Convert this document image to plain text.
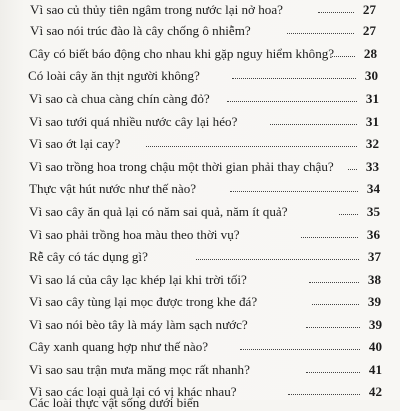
Vì sao củ thủy tiên ngâm trong nước lại nở hoa?	27
Vì sao nói trúc đào là cây chống ô nhiễm?	27
Cây có biết báo động cho nhau khi gặp nguy hiểm không?	28
Có loài cây ăn thịt người không?	30
Vì sao cà chua càng chín càng đỏ?	31
Vì sao tưới quá nhiều nước cây lại héo?	31
Vì sao ớt lại cay?	32
Vì sao trồng hoa trong chậu một thời gian phải thay chậu?	33
Thực vật hút nước như thế nào?	34
Vì sao cây ăn quả lại có năm sai quả, năm ít quả?	35
Vì sao phải trồng hoa màu theo thời vụ?	36
Rễ cây có tác dụng gì?	37
Vì sao lá của cây lạc khép lại khi trời tối?	38
Vì sao cây tùng lại mọc được trong khe đá?	39
Vì sao nói bèo tây là máy làm sạch nước?	39
Cây xanh quang hợp như thế nào?	40
Vì sao sau trận mưa măng mọc rất nhanh?	41
Vì sao các loại quả lại có vị khác nhau?	42
Các loài thực vật sống dưới biển
